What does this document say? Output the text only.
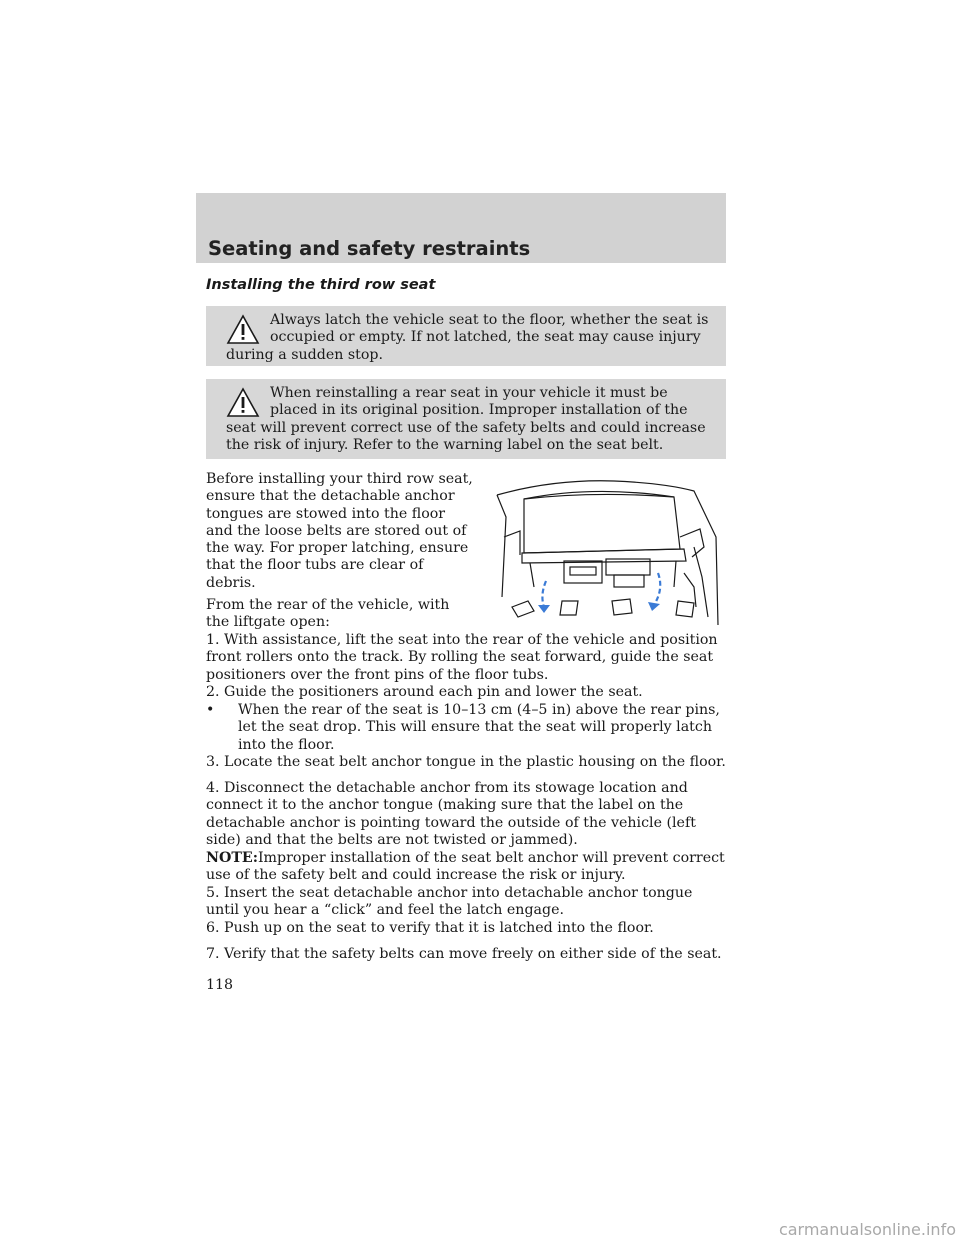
Seating and safety restraints
Installing the third row seat

Always latch the vehicle seat to the floor, whether the seat is occupied or empty. If not latched, the seat may cause injury during a sudden stop.

When reinstalling a rear seat in your vehicle it must be placed in its original position. Improper installation of the seat will prevent correct use of the safety belts and could increase the risk of injury. Refer to the warning label on the seat belt.

Before installing your third row seat, ensure that the detachable anchor tongues are stowed into the floor and the loose belts are stored out of the way. For proper latching, ensure that the floor tubs are clear of debris.

From the rear of the vehicle, with the liftgate open:

1. With assistance, lift the seat into the rear of the vehicle and position front rollers onto the track. By rolling the seat forward, guide the seat positioners over the front pins of the floor tubs.

2. Guide the positioners around each pin and lower the seat.

•	When the rear of the seat is 10–13 cm (4–5 in) above the rear pins, let the seat drop. This will ensure that the seat will properly latch into the floor.

3. Locate the seat belt anchor tongue in the plastic housing on the floor.

4. Disconnect the detachable anchor from its stowage location and connect it to the anchor tongue (making sure that the label on the detachable anchor is pointing toward the outside of the vehicle (left side) and that the belts are not twisted or jammed).

NOTE:Improper installation of the seat belt anchor will prevent correct use of the safety belt and could increase the risk or injury.

5. Insert the seat detachable anchor into detachable anchor tongue until you hear a “click” and feel the latch engage.

6. Push up on the seat to verify that it is latched into the floor.

7. Verify that the safety belts can move freely on either side of the seat.

118

carmanualsonline.info
